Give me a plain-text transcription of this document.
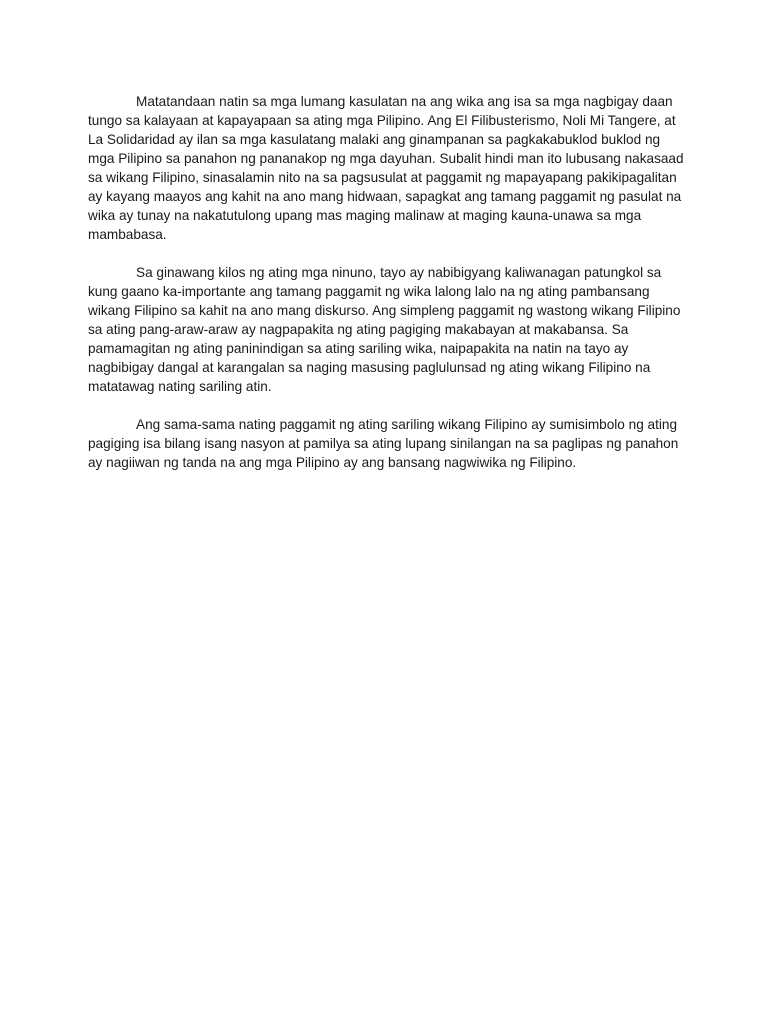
Matatandaan natin sa mga lumang kasulatan na ang wika ang isa sa mga nagbigay daan tungo sa kalayaan at kapayapaan sa ating mga Pilipino. Ang El Filibusterismo, Noli Mi Tangere, at La Solidaridad ay ilan sa mga kasulatang malaki ang ginampanan sa pagkakabuklod buklod ng mga Pilipino sa panahon ng pananakop ng mga dayuhan. Subalit hindi man ito lubusang nakasaad sa wikang Filipino, sinasalamin nito na sa pagsusulat at paggamit ng mapayapang pakikipagalitan ay kayang maayos ang kahit na ano mang hidwaan, sapagkat ang tamang paggamit ng pasulat na wika ay tunay na nakatutulong upang mas maging malinaw at maging kauna-unawa sa mga mambabasa.

Sa ginawang kilos ng ating mga ninuno, tayo ay nabibigyang kaliwanagan patungkol sa kung gaano ka-importante ang tamang paggamit ng wika lalong lalo na ng ating pambansang wikang Filipino sa kahit na ano mang diskurso. Ang simpleng paggamit ng wastong wikang Filipino sa ating pang-araw-araw ay nagpapakita ng ating pagiging makabayan at makabansa. Sa pamamagitan ng ating paninindigan sa ating sariling wika, naipapakita na natin na tayo ay nagbibigay dangal at karangalan sa naging masusing paglulunsad ng ating wikang Filipino na matatawag nating sariling atin.

Ang sama-sama nating paggamit ng ating sariling wikang Filipino ay sumisimbolo ng ating pagiging isa bilang isang nasyon at pamilya sa ating lupang sinilangan na sa paglipas ng panahon ay nagiiwan ng tanda na ang mga Pilipino ay ang bansang nagwiwika ng Filipino.
